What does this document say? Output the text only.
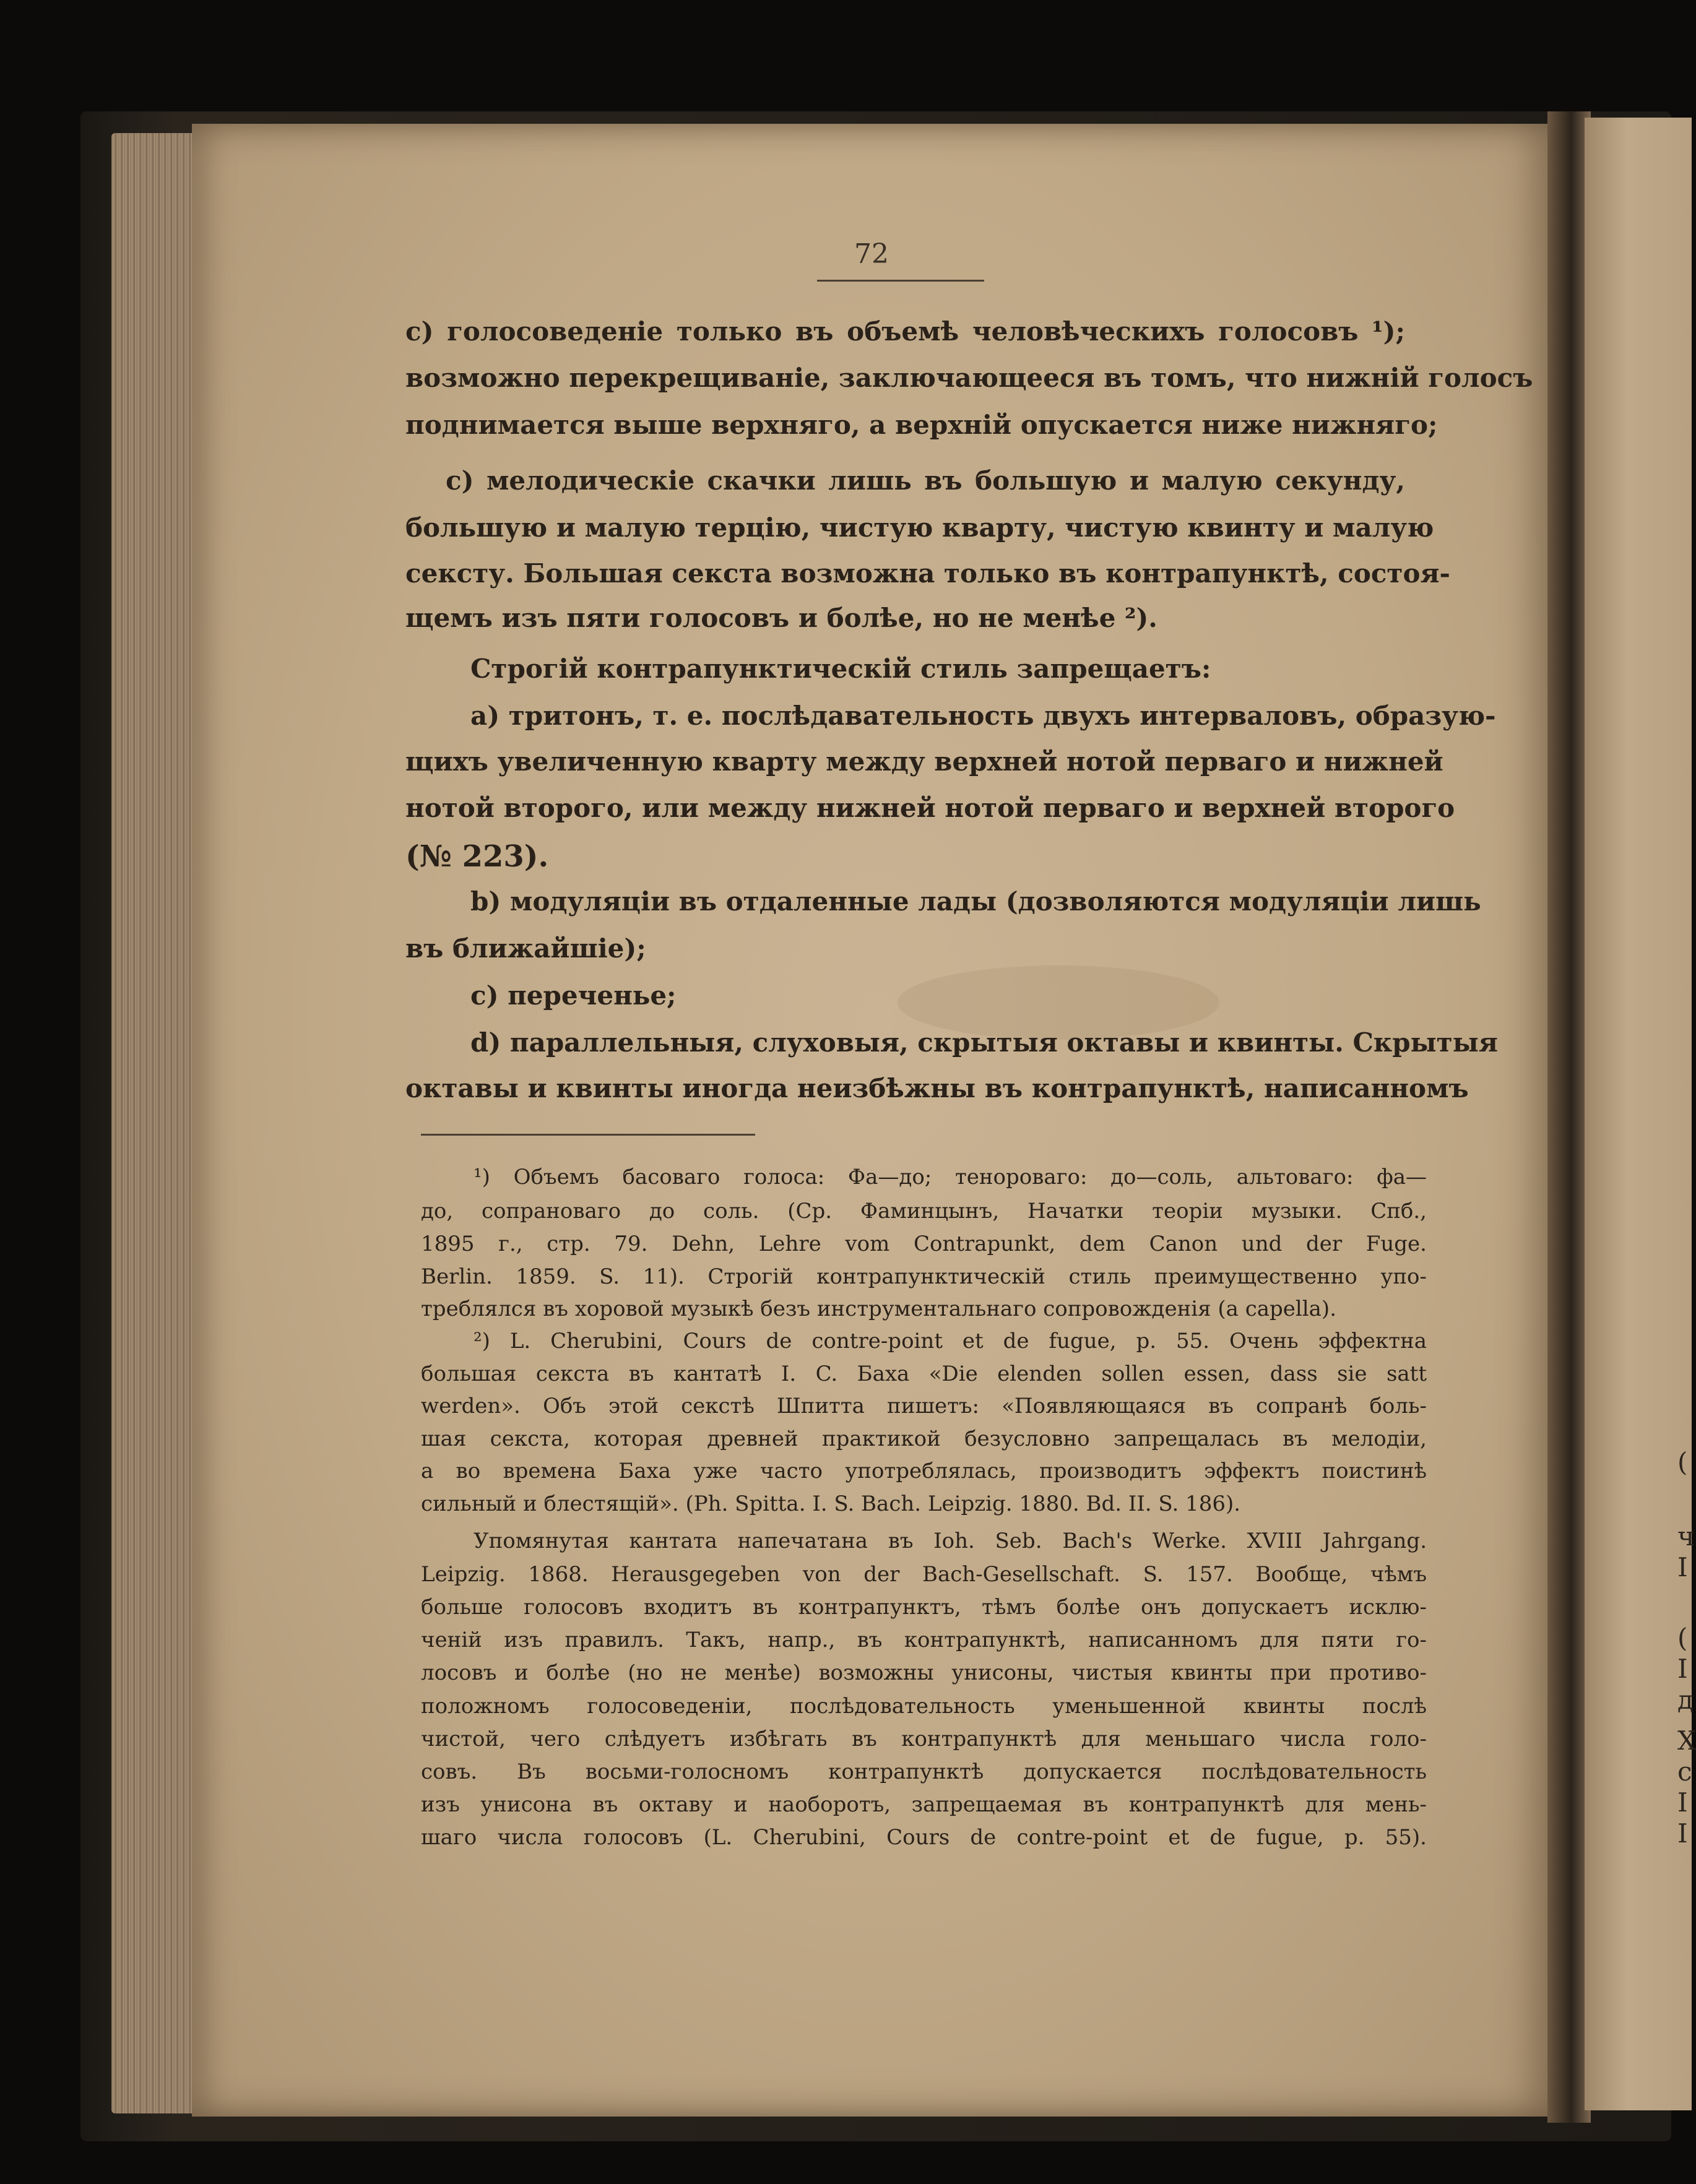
(
ч
I
(
I
д
Х
с
І
І
72
с) голосоведеніе только въ объемѣ человѣческихъ голосовъ ¹);
возможно перекрещиваніе, заключающееся въ томъ, что нижній голосъ
поднимается выше верхняго, а верхній опускается ниже нижняго;
с) мелодическіе скачки лишь въ большую и малую секунду,
большую и малую терцію, чистую кварту, чистую квинту и малую
сексту. Большая секста возможна только въ контрапунктѣ, состоя-
щемъ изъ пяти голосовъ и болѣе, но не менѣе ²).
Строгій контрапунктическій стиль запрещаетъ:
а) тритонъ, т. е. послѣдавательность двухъ интерваловъ, образую-
щихъ увеличенную кварту между верхней нотой перваго и нижней
нотой второго, или между нижней нотой перваго и верхней второго
(№ 223).
b) модуляціи въ отдаленные лады (дозволяются модуляціи лишь
въ ближайшіе);
с) переченье;
d) параллельныя, слуховыя, скрытыя октавы и квинты. Скрытыя
октавы и квинты иногда неизбѣжны въ контрапунктѣ, написанномъ
¹) Объемъ басоваго голоса: Фа—до; тенороваго: до—соль, альтоваго: фа—
до, сопрановаго до соль. (Ср. Фаминцынъ, Начатки теоріи музыки. Спб.,
1895 г., стр. 79. Dehn, Lehre vom Contrapunkt, dem Canon und der Fuge.
Berlin. 1859. S. 11). Строгій контрапунктическій стиль преимущественно упо-
треблялся въ хоровой музыкѣ безъ инструментальнаго сопровожденія (a capella).
²) L. Cherubini, Cours de contre-point et de fugue, p. 55. Очень эффектна
большая секста въ кантатѣ I. C. Баха «Die elenden sollen essen, dass sie satt
werden». Объ этой секстѣ Шпитта пишетъ: «Появляющаяся въ сопранѣ боль-
шая секста, которая древней практикой безусловно запрещалась въ мелодіи,
а во времена Баха уже часто употреблялась, производитъ эффектъ поистинѣ
сильный и блестящій». (Ph. Spitta. I. S. Bach. Leipzig. 1880. Bd. II. S. 186).
Упомянутая кантата напечатана въ Ioh. Seb. Bach's Werke. XVIII Jahrgang.
Leipzig. 1868. Herausgegeben von der Bach-Gesellschaft. S. 157. Вообще, чѣмъ
больше голосовъ входитъ въ контрапунктъ, тѣмъ болѣе онъ допускаетъ исклю-
ченій изъ правилъ. Такъ, напр., въ контрапунктѣ, написанномъ для пяти го-
лосовъ и болѣе (но не менѣе) возможны унисоны, чистыя квинты при противо-
положномъ голосоведеніи, послѣдовательность уменьшенной квинты послѣ
чистой, чего слѣдуетъ избѣгать въ контрапунктѣ для меньшаго числа голо-
совъ. Въ восьми-голосномъ контрапунктѣ допускается послѣдовательность
изъ унисона въ октаву и наоборотъ, запрещаемая въ контрапунктѣ для мень-
шаго числа голосовъ (L. Cherubini, Cours de contre-point et de fugue, p. 55).
